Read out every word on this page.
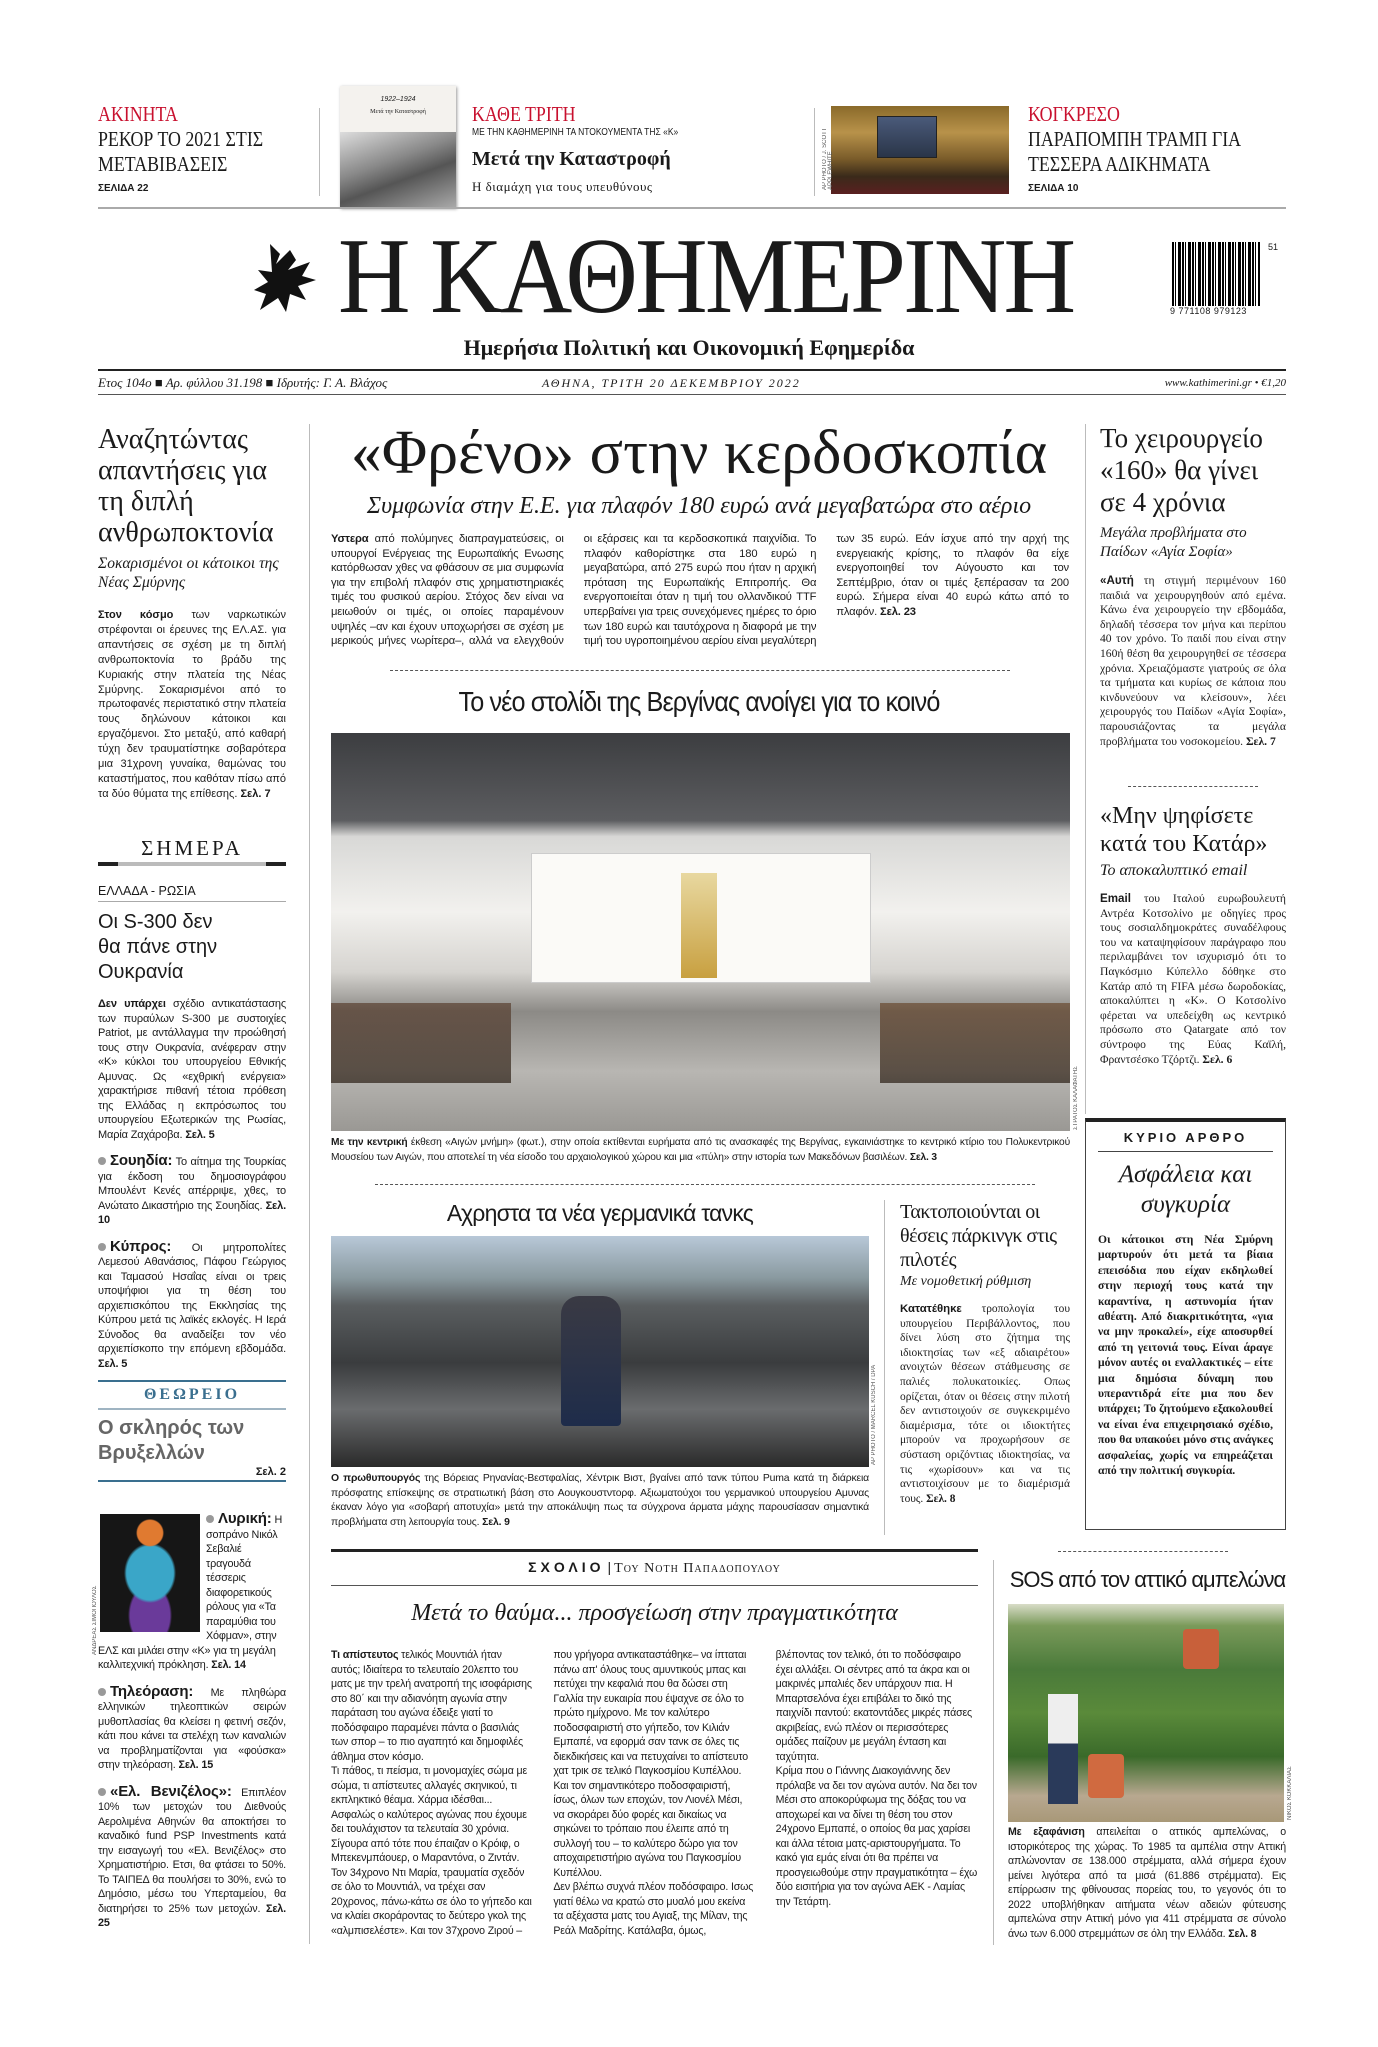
ΑΚΙΝΗΤΑ
ΡΕΚΟΡ ΤΟ 2021 ΣΤΙΣ ΜΕΤΑΒΙΒΑΣΕΙΣ
ΣΕΛΙΔΑ 22
1922–1924
Μετά την Καταστροφή	ΚΑΘΕ ΤΡΙΤΗ
ΜΕ ΤΗΝ ΚΑΘΗΜΕΡΙΝΗ ΤΑ ΝΤΟΚΟΥΜΕΝΤΑ ΤΗΣ «Κ»
Μετά την Καταστροφή
Η διαμάχη για τους υπευθύνους	AP PHOTO / J. SCOTT APPLEWHITE
ΚΟΓΚΡΕΣΟ
ΠΑΡΑΠΟΜΠΗ ΤΡΑΜΠ ΓΙΑ ΤΕΣΣΕΡΑ ΑΔΙΚΗΜΑΤΑ
ΣΕΛΙΔΑ 10
Η ΚΑΘΗΜΕΡΙΝΗ	51
9 771108 979123
Ημερήσια Πολιτική και Οικονομική Εφημερίδα
Ετος 104ο ■ Αρ. φύλλου 31.198 ■ Ιδρυτής: Γ. Α. Βλάχος	ΑΘΗΝΑ, ΤΡΙΤΗ 20 ΔΕΚΕΜΒΡΙΟΥ 2022	www.kathimerini.gr • €1,20
Αναζητώντας απαντήσεις για τη διπλή ανθρωποκτονία
Σοκαρισμένοι οι κάτοικοι της Νέας Σμύρνης
Στον κόσμο των ναρκωτικών στρέφονται οι έρευνες της ΕΛ.ΑΣ. για απαντήσεις σε σχέση με τη διπλή ανθρωποκτονία το βράδυ της Κυριακής στην πλατεία της Νέας Σμύρνης. Σοκαρισμένοι από το πρωτοφανές περιστατικό στην πλατεία τους δηλώνουν κάτοικοι και εργαζόμενοι. Στο μεταξύ, από καθαρή τύχη δεν τραυματίστηκε σοβαρότερα μια 31χρονη γυναίκα, θαμώνας του καταστήματος, που καθόταν πίσω από τα δύο θύματα της επίθεσης. Σελ. 7
ΣΗΜΕΡΑ
ΕΛΛΑΔΑ - ΡΩΣΙΑ
Οι S-300 δεν θα πάνε στην Ουκρανία
Δεν υπάρχει σχέδιο αντικατάστασης των πυραύλων S-300 με συστοιχίες Patriot, με αντάλλαγμα την προώθησή τους στην Ουκρανία, ανέφεραν στην «Κ» κύκλοι του υπουργείου Εθνικής Αμυνας. Ως «εχθρική ενέργεια» χαρακτήρισε πιθανή τέτοια πρόθεση της Ελλάδας η εκπρόσωπος του υπουργείου Εξωτερικών της Ρωσίας, Μαρία Ζαχάροβα. Σελ. 5
Σουηδία: Το αίτημα της Τουρκίας για έκδοση του δημοσιογράφου Μπουλέντ Κενές απέρριψε, χθες, το Ανώτατο Δικαστήριο της Σουηδίας. Σελ. 10
Κύπρος: Οι μητροπολίτες Λεμεσού Αθανάσιος, Πάφου Γεώργιος και Ταμασού Ησαΐας είναι οι τρεις υποψήφιοι για τη θέση του αρχιεπισκόπου της Εκκλησίας της Κύπρου μετά τις λαϊκές εκλογές. Η Ιερά Σύνοδος θα αναδείξει τον νέο αρχιεπίσκοπο την επόμενη εβδομάδα. Σελ. 5
ΘΕΩΡΕΙΟ
Ο σκληρός των Βρυξελλών
Σελ. 2
Λυρική:
Η σοπράνο Νικόλ Σεβαλιέ τραγουδά τέσσερις διαφορετικούς ρόλους για «Τα παραμύθια του Χόφμαν», στην ΕΛΣ και μιλάει στην «Κ» για τη μεγάλη καλλιτεχνική πρόκληση. Σελ. 14
Τηλεόραση: Με πληθώρα ελληνικών τηλεοπτικών σειρών μυθοπλασίας θα κλείσει η φετινή σεζόν, κάτι που κάνει τα στελέχη των καναλιών να προβληματίζονται για «φούσκα» στην τηλεόραση. Σελ. 15
«Ελ. Βενιζέλος»: Επιπλέον 10% των μετοχών του Διεθνούς Αερολιμένα Αθηνών θα αποκτήσει το καναδικό fund PSP Investments κατά την εισαγωγή του «Ελ. Βενιζέλος» στο Χρηματιστήριο. Ετσι, θα φτάσει το 50%. Το ΤΑΙΠΕΔ θα πουλήσει το 30%, ενώ το Δημόσιο, μέσω του Υπερταμείου, θα διατηρήσει το 25% των μετοχών. Σελ. 25
ΑΝΔΡΕΑΣ ΣΙΜΟΠΟΥΛΟΣ
«Φρένο» στην κερδοσκοπία
Συμφωνία στην Ε.Ε. για πλαφόν 180 ευρώ ανά μεγαβατώρα στο αέριο
Υστερα από πολύμηνες διαπραγματεύσεις, οι υπουργοί Ενέργειας της Ευρωπαϊκής Ενωσης κατόρθωσαν χθες να φθάσουν σε μια συμφωνία για την επιβολή πλαφόν στις χρηματιστηριακές τιμές του φυσικού αερίου. Στόχος δεν είναι να μειωθούν οι τιμές, οι οποίες παραμένουν υψηλές –αν και έχουν υποχωρήσει σε σχέση με μερικούς μήνες νωρίτερα–, αλλά να ελεγχθούν οι εξάρσεις και τα κερδοσκοπικά παιχνίδια. Το πλαφόν καθορίστηκε στα 180 ευρώ η μεγαβατώρα, από 275 ευρώ που ήταν η αρχική πρόταση της Ευρωπαϊκής Επιτροπής. Θα ενεργοποιείται όταν η τιμή του ολλανδικού TTF υπερβαίνει για τρεις συνεχόμενες ημέρες το όριο των 180 ευρώ και ταυτόχρονα η διαφορά με την τιμή του υγροποιημένου αερίου είναι μεγαλύτερη των 35 ευρώ. Εάν ίσχυε από την αρχή της ενεργειακής κρίσης, το πλαφόν θα είχε ενεργοποιηθεί τον Αύγουστο και τον Σεπτέμβριο, όταν οι τιμές ξεπέρασαν τα 200 ευρώ. Σήμερα είναι 40 ευρώ κάτω από το πλαφόν. Σελ. 23
Το νέο στολίδι της Βεργίνας ανοίγει για το κοινό
ΣΤΡΑΤΟΣ ΚΑΛΑΦΑΤΗΣ
Με την κεντρική έκθεση «Αιγών μνήμη» (φωτ.), στην οποία εκτίθενται ευρήματα από τις ανασκαφές της Βεργίνας, εγκαινιάστηκε το κεντρικό κτίριο του Πολυκεντρικού Μουσείου των Αιγών, που αποτελεί τη νέα είσοδο του αρχαιολογικού χώρου και μια «πύλη» στην ιστορία των Μακεδόνων βασιλέων. Σελ. 3
Αχρηστα τα νέα γερμανικά τανκς
AP PHOTO / MARCEL KUSCH / DPA
Ο πρωθυπουργός της Βόρειας Ρηνανίας-Βεστφαλίας, Χέντρικ Βιστ, βγαίνει από τανκ τύπου Puma κατά τη διάρκεια πρόσφατης επίσκεψης σε στρατιωτική βάση στο Αουγκουστντορφ. Αξιωματούχοι του γερμανικού υπουργείου Αμυνας έκαναν λόγο για «σοβαρή αποτυχία» μετά την αποκάλυψη πως τα σύγχρονα άρματα μάχης παρουσίασαν σημαντικά προβλήματα στη λειτουργία τους. Σελ. 9
Τακτοποιούνται οι θέσεις πάρκινγκ στις πιλοτές
Με νομοθετική ρύθμιση
Κατατέθηκε τροπολογία του υπουργείου Περιβάλλοντος, που δίνει λύση στο ζήτημα της ιδιοκτησίας των «εξ αδιαιρέτου» ανοιχτών θέσεων στάθμευσης σε παλιές πολυκατοικίες. Οπως ορίζεται, όταν οι θέσεις στην πιλοτή δεν αντιστοιχούν σε συγκεκριμένο διαμέρισμα, τότε οι ιδιοκτήτες μπορούν να προχωρήσουν σε σύσταση οριζόντιας ιδιοκτησίας, να τις «χωρίσουν» και να τις αντιστοιχίσουν με το διαμέρισμά τους. Σελ. 8
ΣΧΟΛΙΟ | Του Νοτη Παπαδοπουλου
Μετά το θαύμα... προσγείωση στην πραγματικότητα
Τι απίστευτος τελικός Μουντιάλ ήταν αυτός; Ιδιαίτερα το τελευταίο 20λεπτο του ματς με την τρελή ανατροπή της ισοφάρισης στο 80΄ και την αδιανόητη αγωνία στην παράταση του αγώνα έδειξε γιατί το ποδόσφαιρο παραμένει πάντα ο βασιλιάς των σπορ – το πιο αγαπητό και δημοφιλές άθλημα στον κόσμο.
Τι πάθος, τι πείσμα, τι μονομαχίες σώμα με σώμα, τι απίστευτες αλλαγές σκηνικού, τι εκπληκτικό θέαμα. Χάρμα ιδέσθαι... Ασφαλώς ο καλύτερος αγώνας που έχουμε δει τουλάχιστον τα τελευταία 30 χρόνια. Σίγουρα από τότε που έπαιζαν ο Κρόιφ, ο Μπεκενμπάουερ, ο Μαραντόνα, ο Ζιντάν.
Τον 34χρονο Ντι Μαρία, τραυματία σχεδόν σε όλο το Μουντιάλ, να τρέχει σαν 20χρονος, πάνω-κάτω σε όλο το γήπεδο και να κλαίει σκοράροντας το δεύτερο γκολ της «αλμπισελέστε». Και τον 37χρονο Ζιρού –που γρήγορα αντικαταστάθηκε– να ίπταται πάνω απ' όλους τους αμυντικούς μπας και πετύχει την κεφαλιά που θα δώσει στη Γαλλία την ευκαιρία που έψαχνε σε όλο το πρώτο ημίχρονο. Με τον καλύτερο ποδοσφαιριστή στο γήπεδο, τον Κιλιάν Εμπαπέ, να εφορμά σαν τανκ σε όλες τις διεκδικήσεις και να πετυχαίνει το απίστευτο χατ τρικ σε τελικό Παγκοσμίου Κυπέλλου. Και τον σημαντικότερο ποδοσφαιριστή, ίσως, όλων των εποχών, τον Λιονέλ Μέσι, να σκοράρει δύο φορές και δικαίως να σηκώνει το τρόπαιο που έλειπε από τη συλλογή του – το καλύτερο δώρο για τον αποχαιρετιστήριο αγώνα του Παγκοσμίου Κυπέλλου.
Δεν βλέπω συχνά πλέον ποδόσφαιρο. Ισως γιατί θέλω να κρατώ στο μυαλό μου εκείνα τα αξέχαστα ματς του Αγιαξ, της Μίλαν, της Ρεάλ Μαδρίτης. Κατάλαβα, όμως, βλέποντας τον τελικό, ότι το ποδόσφαιρο έχει αλλάξει. Οι σέντρες από τα άκρα και οι μακρινές μπαλιές δεν υπάρχουν πια. Η Μπαρτσελόνα έχει επιβάλει το δικό της παιχνίδι παντού: εκατοντάδες μικρές πάσες ακριβείας, ενώ πλέον οι περισσότερες ομάδες παίζουν με μεγάλη ένταση και ταχύτητα.
Κρίμα που ο Γιάννης Διακογιάννης δεν πρόλαβε να δει τον αγώνα αυτόν. Να δει τον Μέσι στο αποκορύφωμα της δόξας του να αποχωρεί και να δίνει τη θέση του στον 24χρονο Εμπαπέ, ο οποίος θα μας χαρίσει και άλλα τέτοια ματς-αριστουργήματα. Το κακό για εμάς είναι ότι θα πρέπει να προσγειωθούμε στην πραγματικότητα – έχω δύο εισιτήρια για τον αγώνα ΑΕΚ - Λαμίας την Τετάρτη.
Το χειρουργείο «160» θα γίνει σε 4 χρόνια
Μεγάλα προβλήματα στο Παίδων «Αγία Σοφία»
«Αυτή τη στιγμή περιμένουν 160 παιδιά να χειρουργηθούν από εμένα. Κάνω ένα χειρουργείο την εβδομάδα, δηλαδή τέσσερα τον μήνα και περίπου 40 τον χρόνο. Το παιδί που είναι στην 160ή θέση θα χειρουργηθεί σε τέσσερα χρόνια. Χρειαζόμαστε γιατρούς σε όλα τα τμήματα και κυρίως σε κάποια που κινδυνεύουν να κλείσουν», λέει χειρουργός του Παίδων «Αγία Σοφία», παρουσιάζοντας τα μεγάλα προβλήματα του νοσοκομείου. Σελ. 7
«Μην ψηφίσετε κατά του Κατάρ»
Το αποκαλυπτικό email
Email του Ιταλού ευρωβουλευτή Αντρέα Κοτσολίνο με οδηγίες προς τους σοσιαλδημοκράτες συναδέλφους του να καταψηφίσουν παράγραφο που περιλαμβάνει τον ισχυρισμό ότι το Παγκόσμιο Κύπελλο δόθηκε στο Κατάρ από τη FIFA μέσω δωροδοκίας, αποκαλύπτει η «Κ». Ο Κοτσολίνο φέρεται να υπεδείχθη ως κεντρικό πρόσωπο στο Qatargate από τον σύντροφο της Εύας Καϊλή, Φραντσέσκο Τζόρτζι. Σελ. 6
ΚΥΡΙΟ ΑΡΘΡΟ
Ασφάλεια και συγκυρία
Οι κάτοικοι στη Νέα Σμύρνη μαρτυρούν ότι μετά τα βίαια επεισόδια που είχαν εκδηλωθεί στην περιοχή τους κατά την καραντίνα, η αστυνομία ήταν αθέατη. Από διακριτικότητα, «για να μην προκαλεί», είχε αποσυρθεί από τη γειτονιά τους. Είναι άραγε μόνον αυτές οι εναλλακτικές – είτε μια δημόσια δύναμη που υπεραντιδρά είτε μια που δεν υπάρχει; Το ζητούμενο εξακολουθεί να είναι ένα επιχειρησιακό σχέδιο, που θα υπακούει μόνο στις ανάγκες ασφαλείας, χωρίς να επηρεάζεται από την πολιτική συγκυρία.
SOS από τον αττικό αμπελώνα
ΝΙΚΟΣ ΚΟΚΚΑΛΙΑΣ
Με εξαφάνιση απειλείται ο αττικός αμπελώνας, ο ιστορικότερος της χώρας. Το 1985 τα αμπέλια στην Αττική απλώνονταν σε 138.000 στρέμματα, αλλά σήμερα έχουν μείνει λιγότερα από τα μισά (61.886 στρέμματα). Εις επίρρωσιν της φθίνουσας πορείας του, το γεγονός ότι το 2022 υποβλήθηκαν αιτήματα νέων αδειών φύτευσης αμπελώνα στην Αττική μόνο για 411 στρέμματα σε σύνολο άνω των 6.000 στρεμμάτων σε όλη την Ελλάδα. Σελ. 8
